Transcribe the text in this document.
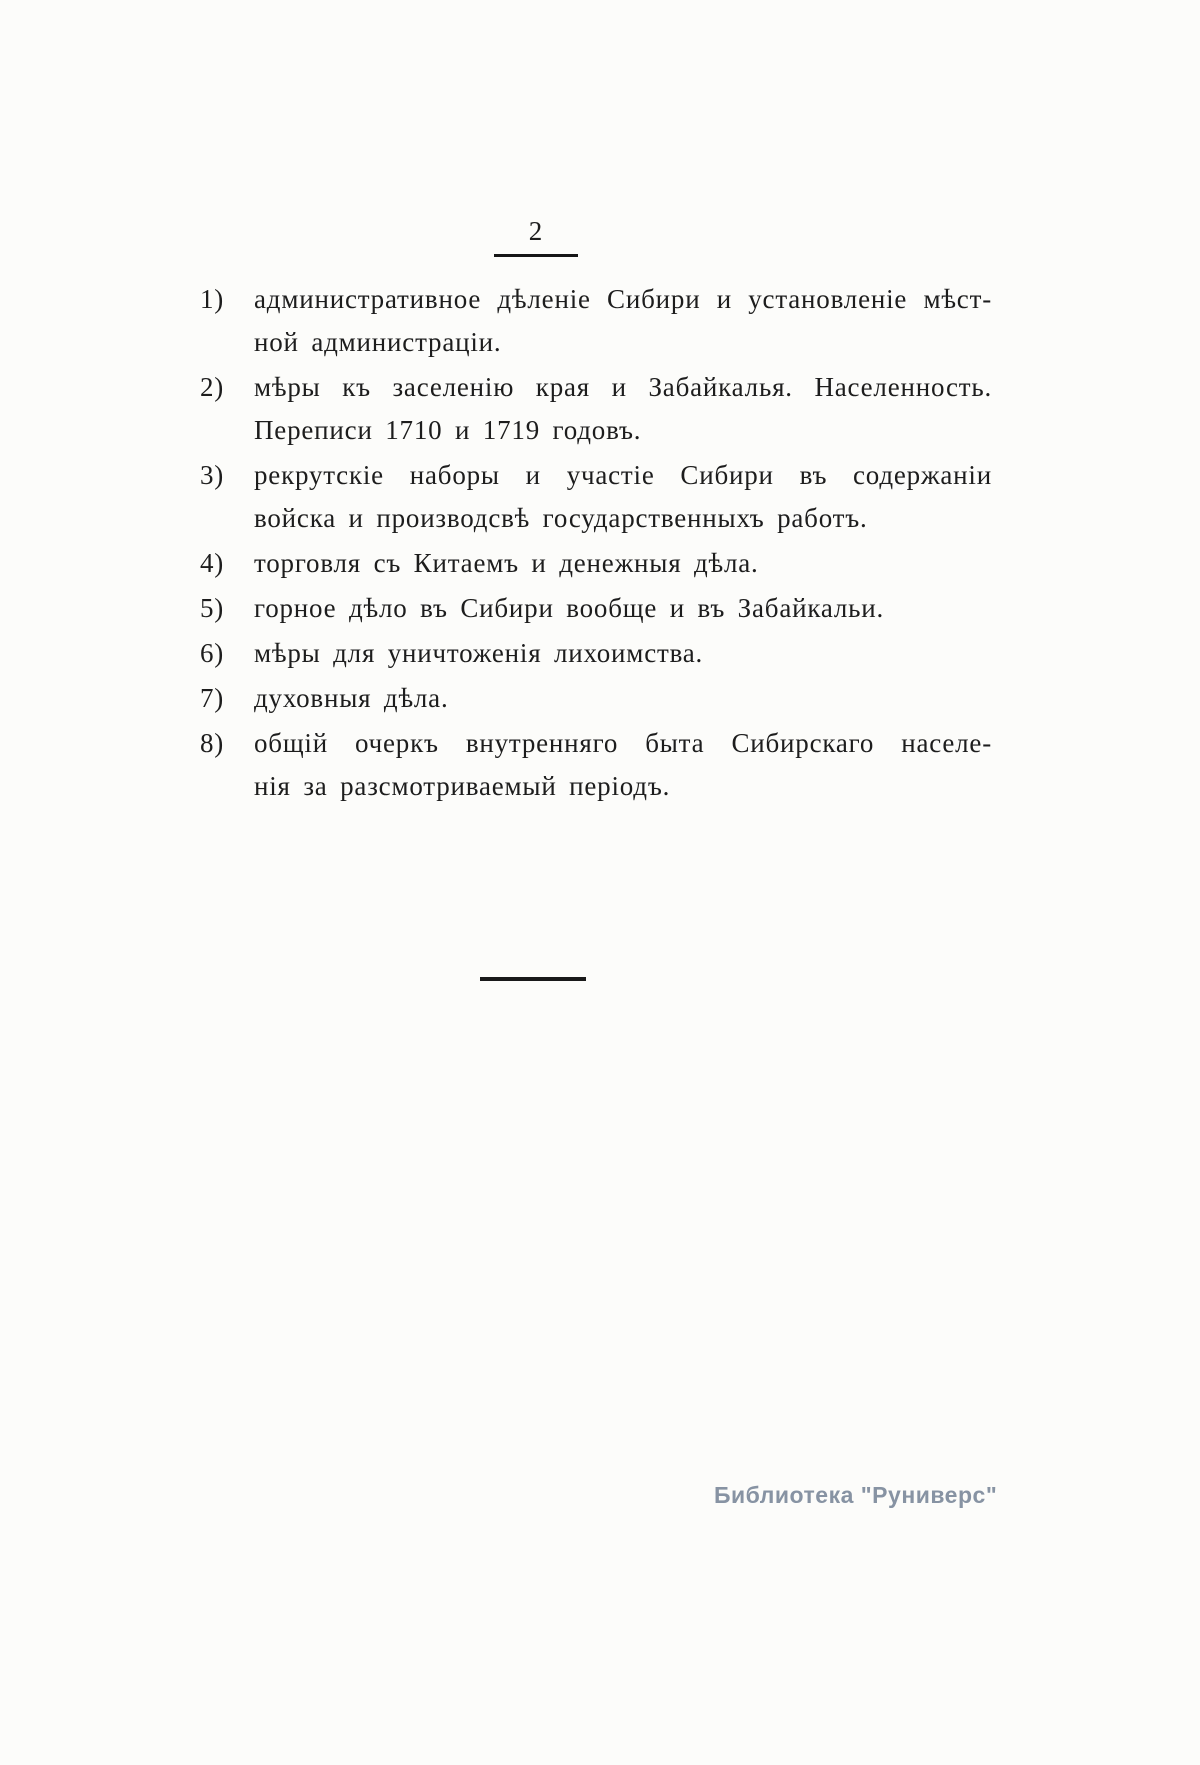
2
1)	административное дѣленіе Сибири и установленіе мѣст-
ной администраціи.
2)	мѣры къ заселенію края и Забайкалья. Населенность.
Переписи 1710 и 1719 годовъ.
3)	рекрутскіе наборы и участіе Сибири въ содержаніи
войска и производсвѣ государственныхъ работъ.
4)	торговля съ Китаемъ и денежныя дѣла.
5)	горное дѣло въ Сибири вообще и въ Забайкальи.
6)	мѣры для уничтоженія лихоимства.
7)	духовныя дѣла.
8)	общій очеркъ внутренняго быта Сибирскаго населе-
нія за разсмотриваемый періодъ.
Библиотека "Руниверс"
